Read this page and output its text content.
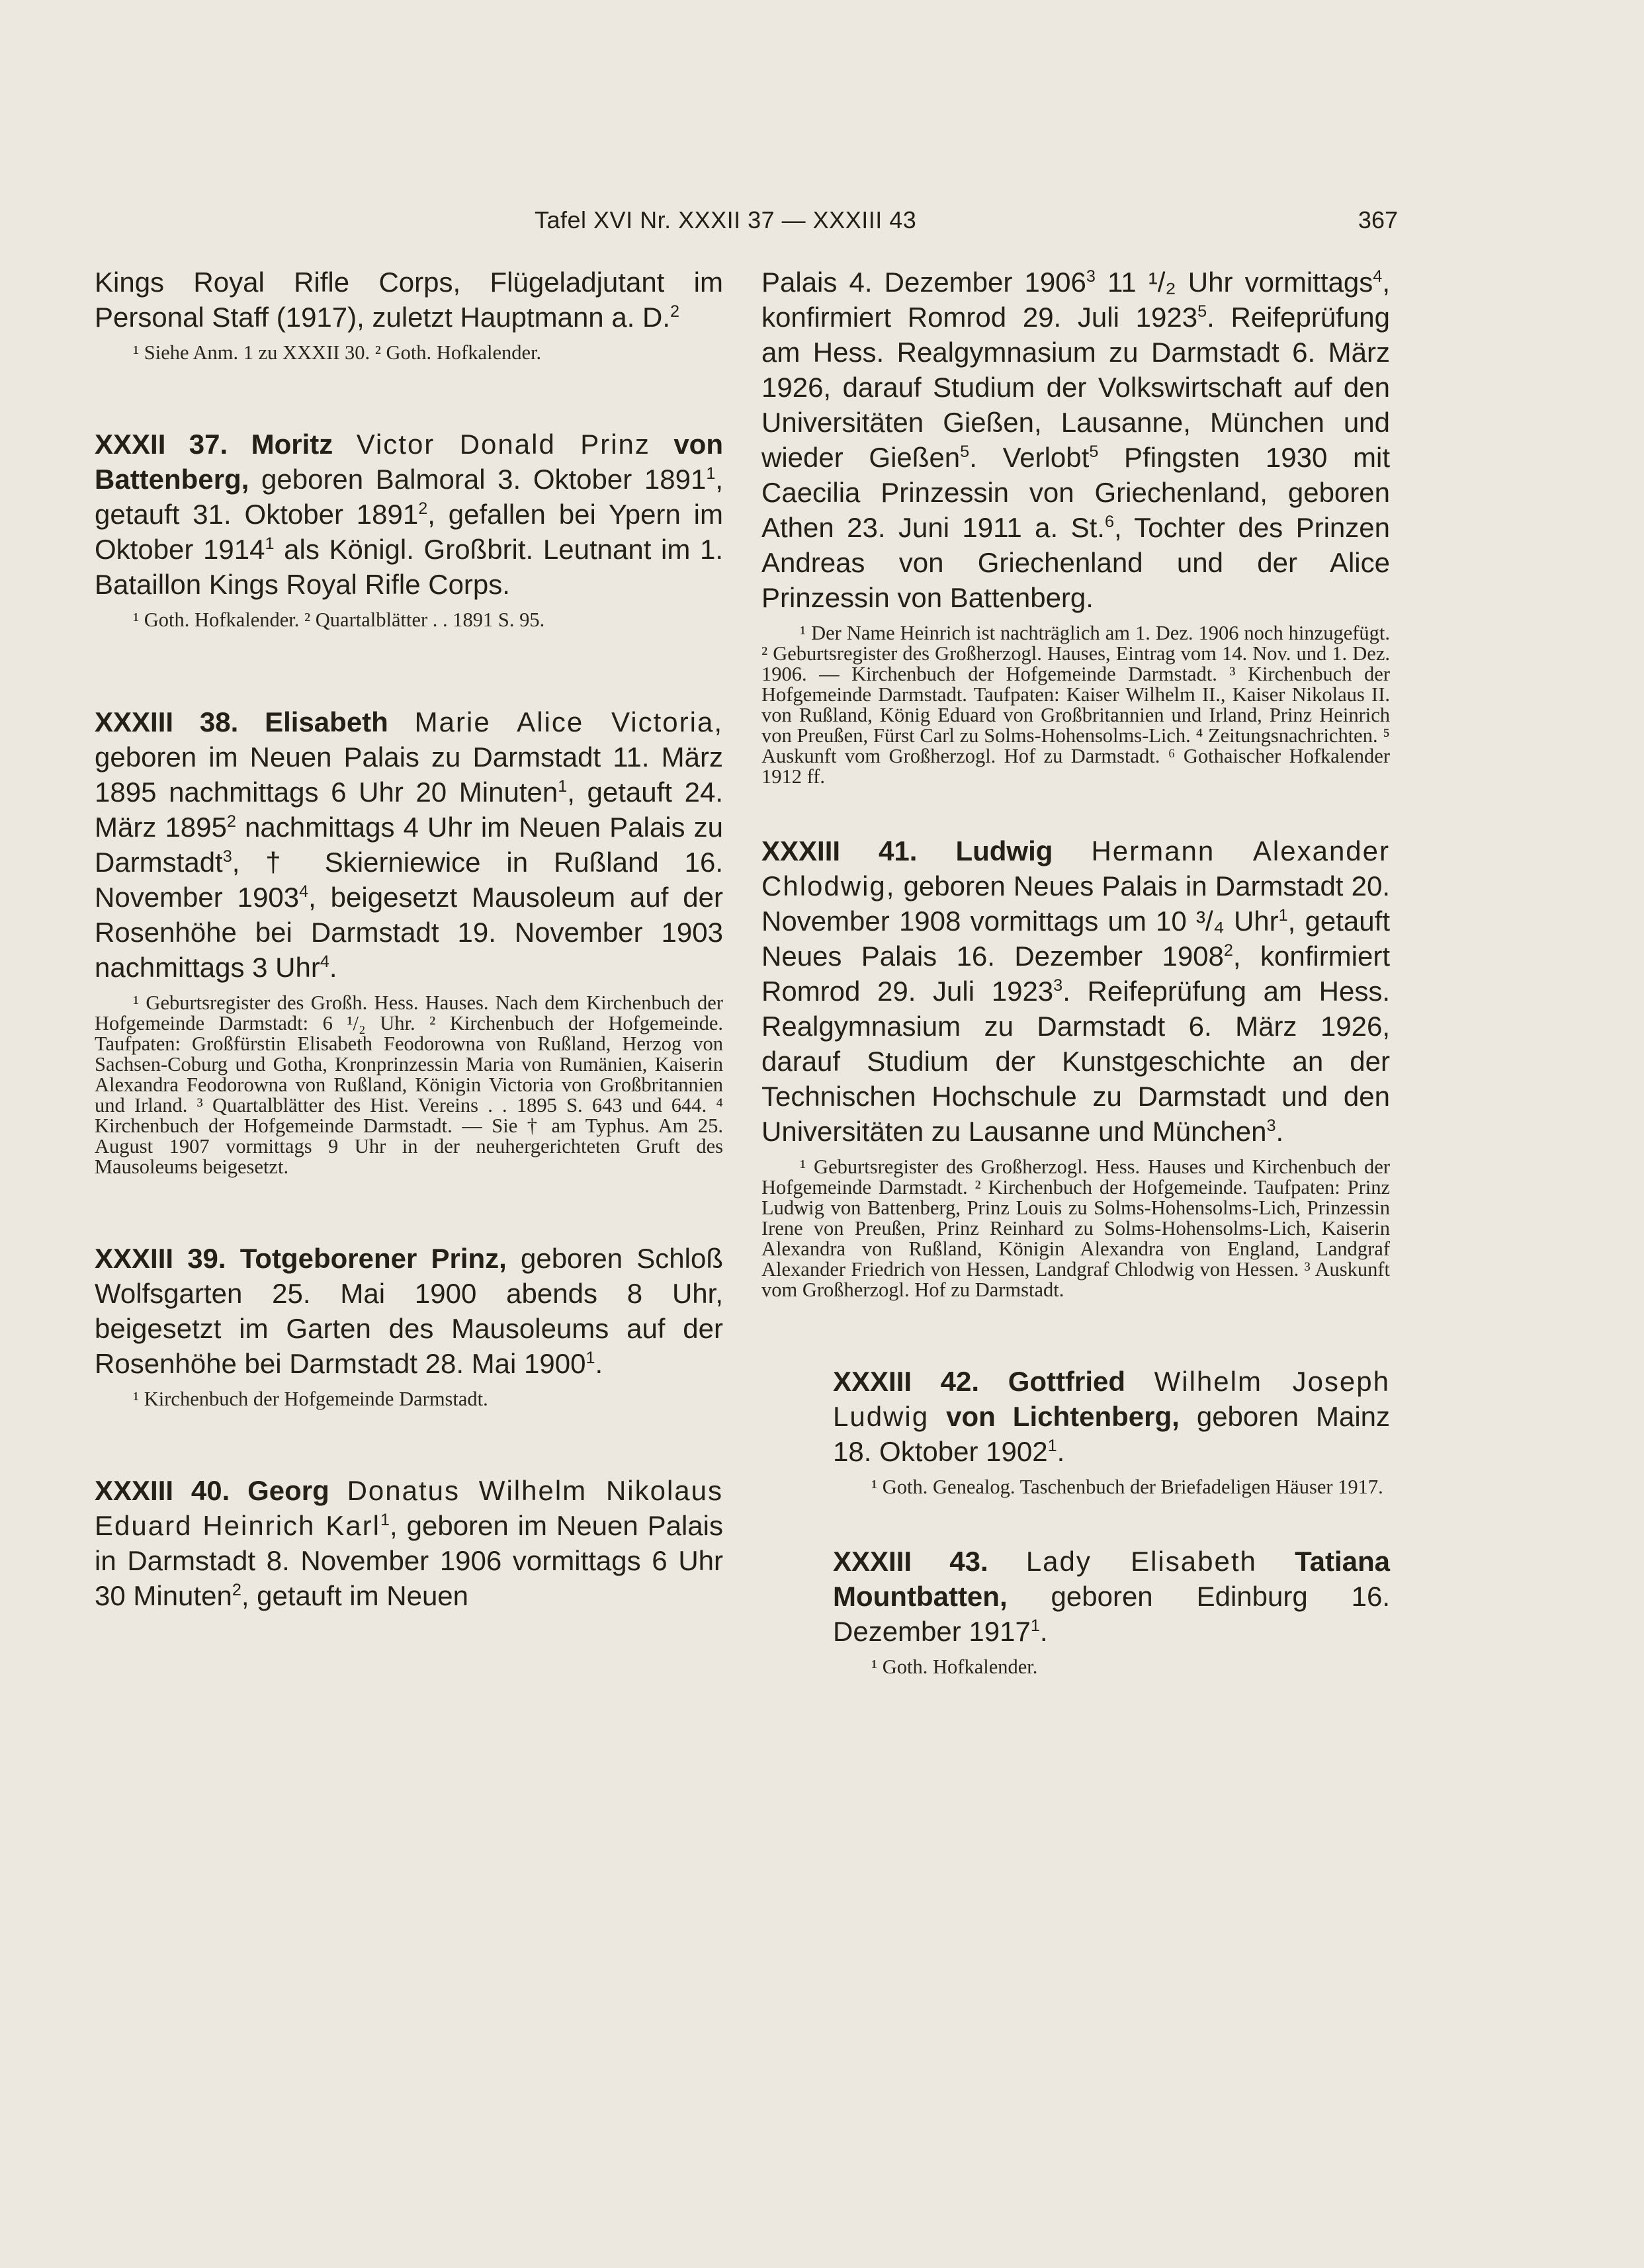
Tafel XVI Nr. XXXII 37 — XXXIII 43	367

Kings Royal Rifle Corps, Flügeladjutant im Personal Staff (1917), zuletzt Hauptmann a. D.$^2$

¹ Siehe Anm. 1 zu XXXII 30. ² Goth. Hofkalender.

XXXII 37. Moritz Victor Donald Prinz von Battenberg, geboren Balmoral 3. Oktober 1891$^1$, getauft 31. Oktober 1891$^2$, gefallen bei Ypern im Oktober 1914$^1$ als Königl. Großbrit. Leutnant im 1. Bataillon Kings Royal Rifle Corps.

¹ Goth. Hofkalender. ² Quartalblätter . . 1891 S. 95.

XXXIII 38. Elisabeth Marie Alice Victoria, geboren im Neuen Palais zu Darmstadt 11. März 1895 nachmittags 6 Uhr 20 Minuten$^1$, getauft 24. März 1895$^2$ nachmittags 4 Uhr im Neuen Palais zu Darmstadt$^3$, † Skierniewice in Rußland 16. November 1903$^4$, beigesetzt Mausoleum auf der Rosenhöhe bei Darmstadt 19. November 1903 nachmittags 3 Uhr$^4$.

¹ Geburtsregister des Großh. Hess. Hauses. Nach dem Kirchenbuch der Hofgemeinde Darmstadt: 6 ¹/₂ Uhr. ² Kirchenbuch der Hofgemeinde. Taufpaten: Großfürstin Elisabeth Feodorowna von Rußland, Herzog von Sachsen-Coburg und Gotha, Kronprinzessin Maria von Rumänien, Kaiserin Alexandra Feodorowna von Rußland, Königin Victoria von Großbritannien und Irland. ³ Quartalblätter des Hist. Vereins . . 1895 S. 643 und 644. ⁴ Kirchenbuch der Hofgemeinde Darmstadt. — Sie † am Typhus. Am 25. August 1907 vormittags 9 Uhr in der neuhergerichteten Gruft des Mausoleums beigesetzt.

XXXIII 39. Totgeborener Prinz, geboren Schloß Wolfsgarten 25. Mai 1900 abends 8 Uhr, beigesetzt im Garten des Mausoleums auf der Rosenhöhe bei Darmstadt 28. Mai 1900$^1$.

¹ Kirchenbuch der Hofgemeinde Darmstadt.

XXXIII 40. Georg Donatus Wilhelm Nikolaus Eduard Heinrich Karl$^1$, geboren im Neuen Palais in Darmstadt 8. November 1906 vormittags 6 Uhr 30 Minuten$^2$, getauft im Neuen

Palais 4. Dezember 1906$^3$ 11 ¹/₂ Uhr vormittags$^4$, konfirmiert Romrod 29. Juli 1923$^5$. Reifeprüfung am Hess. Realgymnasium zu Darmstadt 6. März 1926, darauf Studium der Volkswirtschaft auf den Universitäten Gießen, Lausanne, München und wieder Gießen$^5$. Verlobt$^5$ Pfingsten 1930 mit Caecilia Prinzessin von Griechenland, geboren Athen 23. Juni 1911 a. St.$^6$, Tochter des Prinzen Andreas von Griechenland und der Alice Prinzessin von Battenberg.

¹ Der Name Heinrich ist nachträglich am 1. Dez. 1906 noch hinzugefügt. ² Geburtsregister des Großherzogl. Hauses, Eintrag vom 14. Nov. und 1. Dez. 1906. — Kirchenbuch der Hofgemeinde Darmstadt. ³ Kirchenbuch der Hofgemeinde Darmstadt. Taufpaten: Kaiser Wilhelm II., Kaiser Nikolaus II. von Rußland, König Eduard von Großbritannien und Irland, Prinz Heinrich von Preußen, Fürst Carl zu Solms-Hohensolms-Lich. ⁴ Zeitungsnachrichten. ⁵ Auskunft vom Großherzogl. Hof zu Darmstadt. ⁶ Gothaischer Hofkalender 1912 ff.

XXXIII 41. Ludwig Hermann Alexander Chlodwig, geboren Neues Palais in Darmstadt 20. November 1908 vormittags um 10 ³/₄ Uhr$^1$, getauft Neues Palais 16. Dezember 1908$^2$, konfirmiert Romrod 29. Juli 1923$^3$. Reifeprüfung am Hess. Realgymnasium zu Darmstadt 6. März 1926, darauf Studium der Kunstgeschichte an der Technischen Hochschule zu Darmstadt und den Universitäten zu Lausanne und München$^3$.

¹ Geburtsregister des Großherzogl. Hess. Hauses und Kirchenbuch der Hofgemeinde Darmstadt. ² Kirchenbuch der Hofgemeinde. Taufpaten: Prinz Ludwig von Battenberg, Prinz Louis zu Solms-Hohensolms-Lich, Prinzessin Irene von Preußen, Prinz Reinhard zu Solms-Hohensolms-Lich, Kaiserin Alexandra von Rußland, Königin Alexandra von England, Landgraf Alexander Friedrich von Hessen, Landgraf Chlodwig von Hessen. ³ Auskunft vom Großherzogl. Hof zu Darmstadt.

XXXIII 42. Gottfried Wilhelm Joseph Ludwig von Lichtenberg, geboren Mainz 18. Oktober 1902$^1$.

¹ Goth. Genealog. Taschenbuch der Briefadeligen Häuser 1917.

XXXIII 43. Lady Elisabeth Tatiana Mountbatten, geboren Edinburg 16. Dezember 1917$^1$.

¹ Goth. Hofkalender.
